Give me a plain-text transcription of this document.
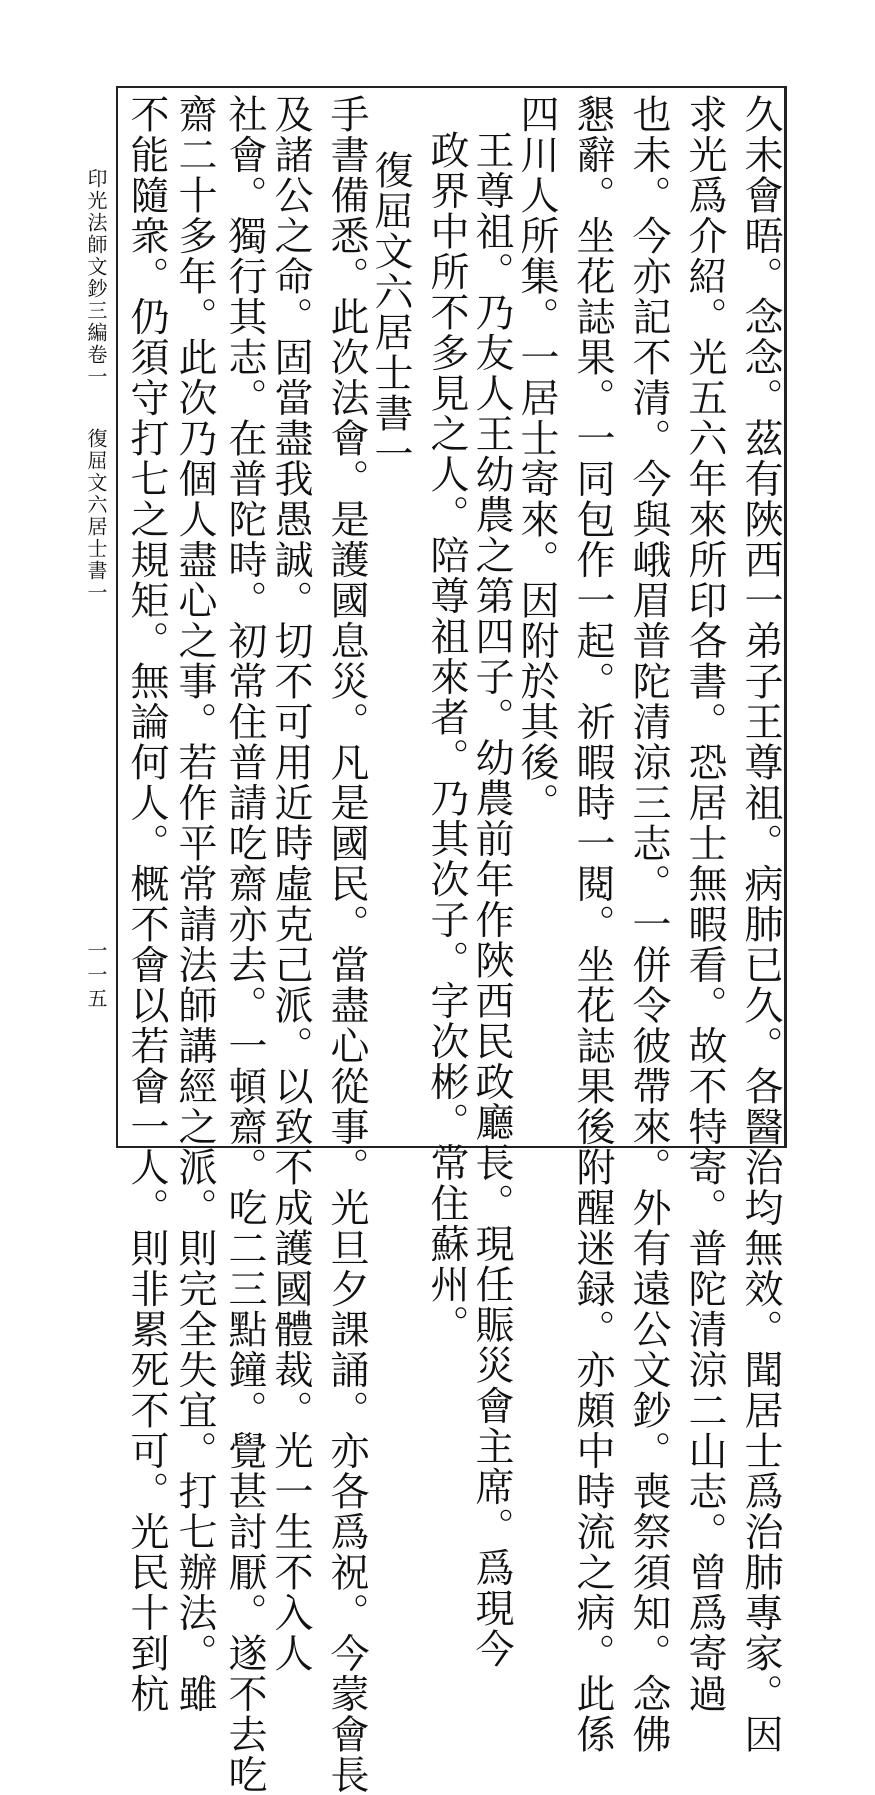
久未會晤。念念。茲有陜西一弟子王尊祖。病肺已久。各醫治均無效。聞居士爲治肺專家。因
求光爲介紹。光五六年來所印各書。恐居士無暇看。故不特寄。普陀清涼二山志。曾爲寄過
也未。今亦記不清。今與峨眉普陀清涼三志。一併令彼帶來。外有遠公文鈔。喪祭須知。念佛
懇辭。坐花誌果。一同包作一起。祈暇時一閱。坐花誌果後附醒迷録。亦頗中時流之病。此係
四川人所集。一居士寄來。因附於其後。
王尊祖。乃友人王幼農之第四子。幼農前年作陜西民政廳長。現任賑災會主席。爲現今
政界中所不多見之人。陪尊祖來者。乃其次子。字次彬。常住蘇州。
復屈文六居士書一
手書備悉。此次法會。是護國息災。凡是國民。當盡心從事。光旦夕課誦。亦各爲祝。今蒙會長
及諸公之命。固當盡我愚誠。切不可用近時虛克己派。以致不成護國體裁。光一生不入人
社會。獨行其志。在普陀時。初常住普請吃齋亦去。一頓齋。吃二三點鐘。覺甚討厭。遂不去吃
齋二十多年。此次乃個人盡心之事。若作平常請法師講經之派。則完全失宜。打七辦法。雖
不能隨衆。仍須守打七之規矩。無論何人。概不會以若會一人。則非累死不可。光民十到杭
印光法師文鈔三編卷一
復屈文六居士書一
一一五
